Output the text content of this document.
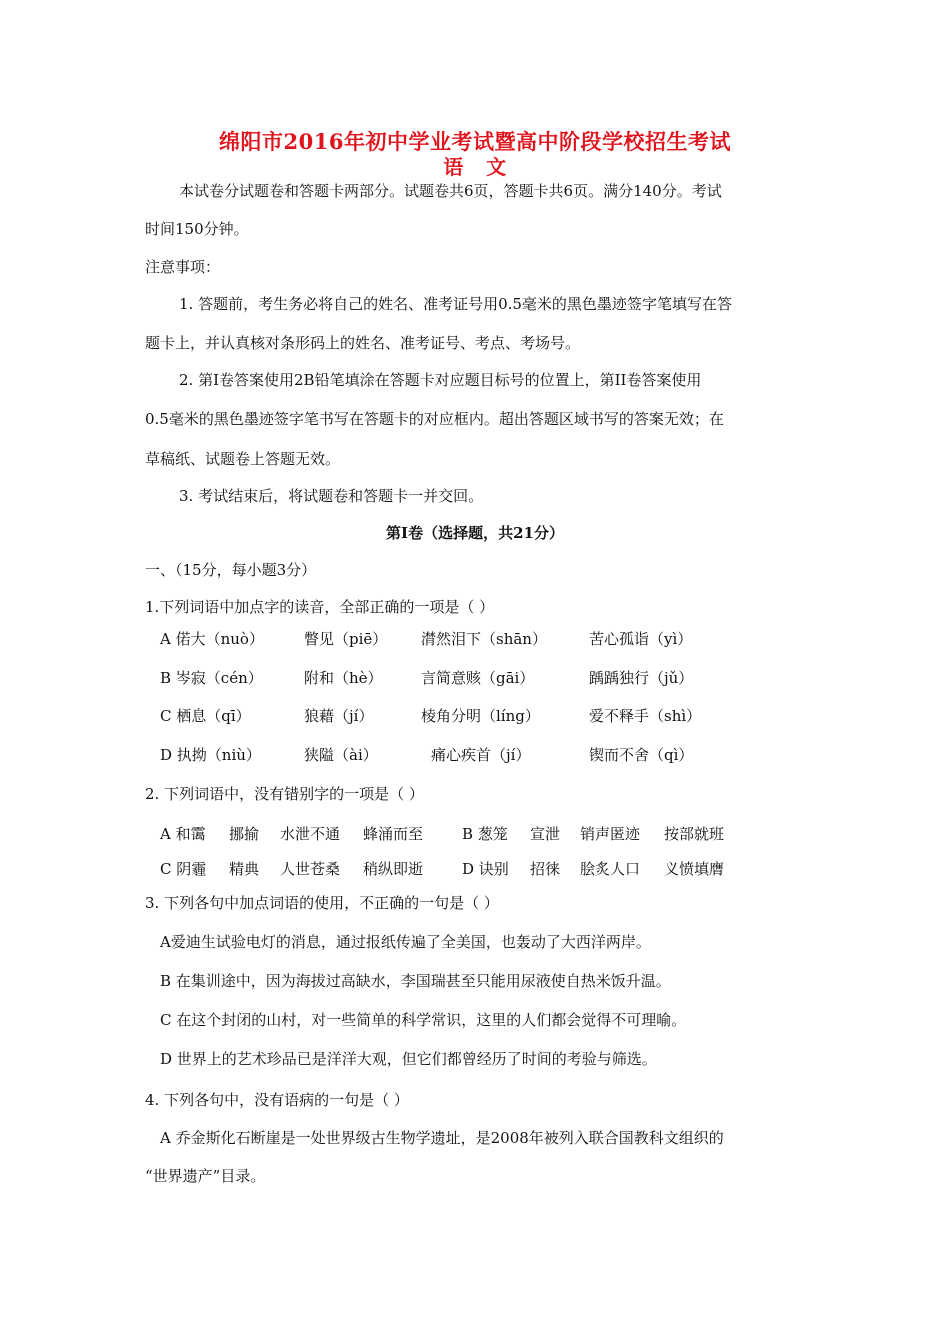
绵阳市2016年初中学业考试暨高中阶段学校招生考试
语   文
本试卷分试题卷和答题卡两部分。试题卷共6页，答题卡共6页。满分140分。考试
时间150分钟。
注意事项：
1. 答题前，考生务必将自己的姓名、准考证号用0.5毫米的黑色墨迹签字笔填写在答
题卡上，并认真核对条形码上的姓名、准考证号、考点、考场号。
2. 第I卷答案使用2B铅笔填涂在答题卡对应题目标号的位置上，第II卷答案使用
0.5毫米的黑色墨迹签字笔书写在答题卡的对应框内。超出答题区域书写的答案无效；在
草稿纸、试题卷上答题无效。
3. 考试结束后，将试题卷和答题卡一并交回。
第I卷（选择题，共21分）
一、（15分，每小题3分）
1.下列词语中加点字的读音，全部正确的一项是（ ）
A 偌大（nuò）	瞥见（piē） 潸然泪下（shān）	苦心孤诣（yì）
B 岑寂（cén）	附和（hè）	言简意赅（gāi）	踽踽独行（jǔ）
C 栖息（qī）	狼藉（jí）	棱角分明（líng）	爱不释手（shì）
D 执拗（niù）	狭隘（ài）	痛心疾首（jí）	锲而不舍（qì）
2. 下列词语中，没有错别字的一项是（ ）
A 和霭 挪揄 水泄不通 蜂涌而至	B 葱笼 宣泄 销声匿迹 按部就班
C 阴霾 精典 人世苍桑 稍纵即逝	D 诀别 招徕 脍炙人口 义愤填膺
3. 下列各句中加点词语的使用，不正确的一句是（ ）
A爱迪生试验电灯的消息，通过报纸传遍了全美国，也轰动了大西洋两岸。
B 在集训途中，因为海拔过高缺水，李国瑞甚至只能用尿液使自热米饭升温。
C 在这个封闭的山村，对一些简单的科学常识，这里的人们都会觉得不可理喻。
D 世界上的艺术珍品已是洋洋大观，但它们都曾经历了时间的考验与筛选。
4. 下列各句中，没有语病的一句是（ ）
A 乔金斯化石断崖是一处世界级古生物学遗址，是2008年被列入联合国教科文组织的
“世界遗产”目录。
